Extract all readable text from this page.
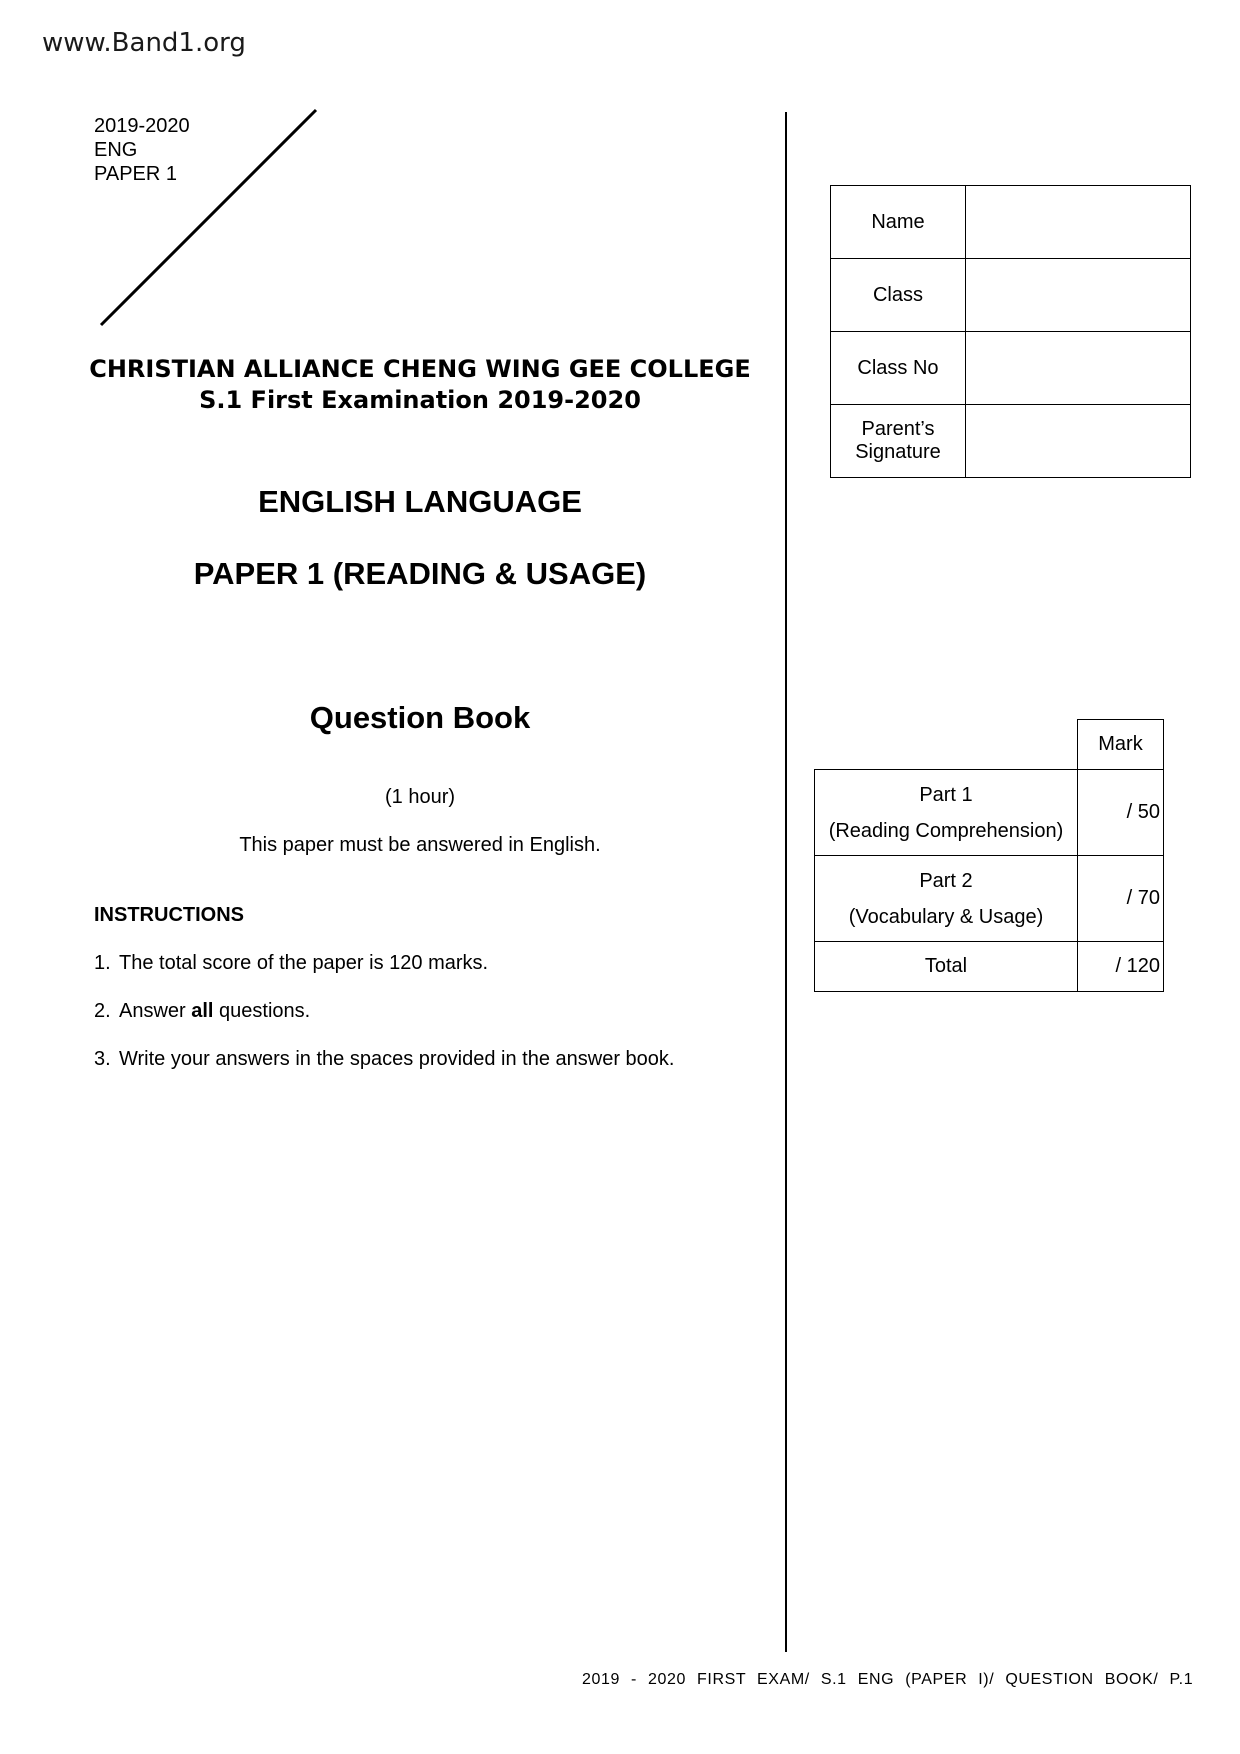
www.Band1.org
2019-2020
ENG
PAPER 1
CHRISTIAN ALLIANCE CHENG WING GEE COLLEGE
S.1 First Examination 2019-2020
ENGLISH LANGUAGE
PAPER 1 (READING & USAGE)
Question Book
(1 hour)
This paper must be answered in English.
INSTRUCTIONS
1. The total score of the paper is 120 marks.
2. Answer all questions.
3. Write your answers in the spaces provided in the answer book.
Name	
Class	
Class No	

Parent’s
Signature	

	Mark

Part 1
(Reading Comprehension)	/ 50

Part 2
(Vocabulary & Usage)	/ 70
Total	/ 120
2019 - 2020 FIRST EXAM/ S.1 ENG (PAPER I)/ QUESTION BOOK/ P.1
